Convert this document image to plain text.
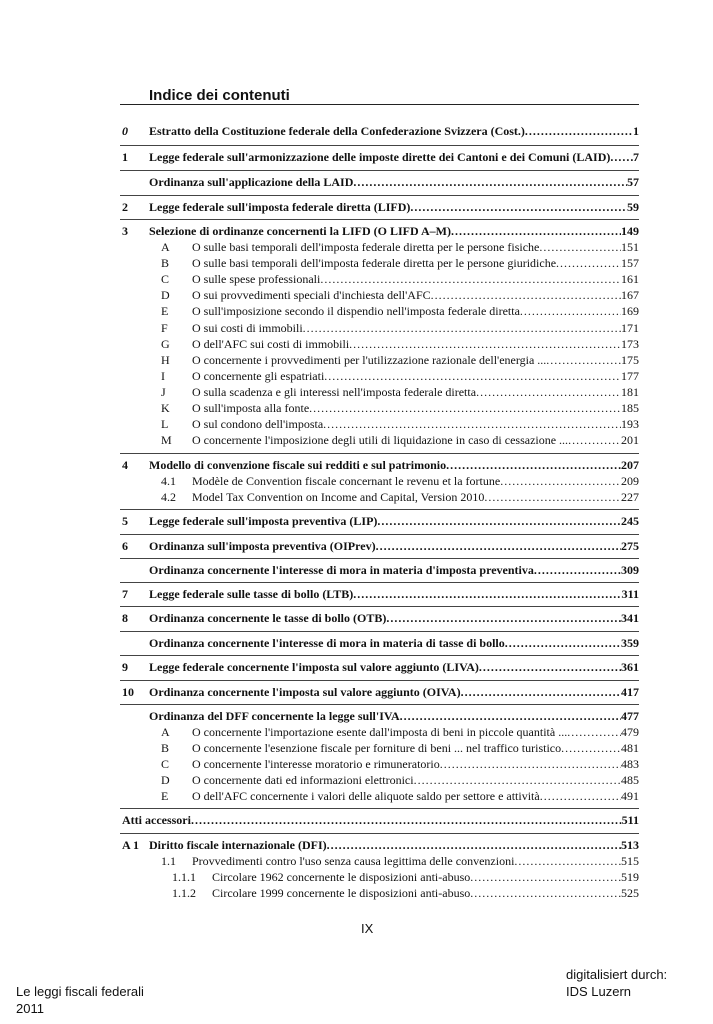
Indice dei contenuti
0 Estratto della Costituzione federale della Confederazione Svizzera (Cost.) .....	1
1 Legge federale sull'armonizzazione delle imposte dirette dei Cantoni e dei Comuni (LAID) ..... 7
Ordinanza sull'applicazione della LAID .....	57
2 Legge federale sull'imposta federale diretta (LIFD) .....	59
3 Selezione di ordinanze concernenti la LIFD (O LIFD A–M) .....	149
A O sulle basi temporali dell'imposta federale diretta per le persone fisiche .....	151
B O sulle basi temporali dell'imposta federale diretta per le persone giuridiche .....	157
C O sulle spese professionali .....	161
D O sui provvedimenti speciali d'inchiesta dell'AFC .....	167
E O sull'imposizione secondo il dispendio nell'imposta federale diretta .....	169
F O sui costi di immobili .....	171
G O dell'AFC sui costi di immobili .....	173
H O concernente i provvedimenti per l'utilizzazione razionale dell'energia ... .....	175
I O concernente gli espatriati .....	177
J O sulla scadenza e gli interessi nell'imposta federale diretta .....	181
K O sull'imposta alla fonte .....	185
L O sul condono dell'imposta .....	193
M O concernente l'imposizione degli utili di liquidazione in caso di cessazione ... .....	201
4 Modello di convenzione fiscale sui redditi e sul patrimonio .....	207
4.1 Modèle de Convention fiscale concernant le revenu et la fortune .....	209
4.2 Model Tax Convention on Income and Capital, Version 2010 .....	227
5 Legge federale sull'imposta preventiva (LIP) .....	245
6 Ordinanza sull'imposta preventiva (OIPrev) .....	275
Ordinanza concernente l'interesse di mora in materia d'imposta preventiva .....	309
7 Legge federale sulle tasse di bollo (LTB) .....	311
8 Ordinanza concernente le tasse di bollo (OTB) .....	341
Ordinanza concernente l'interesse di mora in materia di tasse di bollo .....	359
9 Legge federale concernente l'imposta sul valore aggiunto (LIVA) .....	361
10 Ordinanza concernente l'imposta sul valore aggiunto (OIVA) .....	417
Ordinanza del DFF concernente la legge sull'IVA .....	477
A O concernente l'importazione esente dall'imposta di beni in piccole quantità ... .....	479
B O concernente l'esenzione fiscale per forniture di beni ... nel traffico turistico .....	481
C O concernente l'interesse moratorio e rimuneratorio .....	483
D O concernente dati ed informazioni elettronici .....	485
E O dell'AFC concernente i valori delle aliquote saldo per settore e attività .....	491
Atti accessori .....	511
A 1 Diritto fiscale internazionale (DFI) .....	513
1.1 Provvedimenti contro l'uso senza causa legittima delle convenzioni .....	515
1.1.1 Circolare 1962 concernente le disposizioni anti-abuso .....	519
1.1.2 Circolare 1999 concernente le disposizioni anti-abuso .....	525
IX
Le leggi fiscali federali
2011
digitalisiert durch:
IDS Luzern
